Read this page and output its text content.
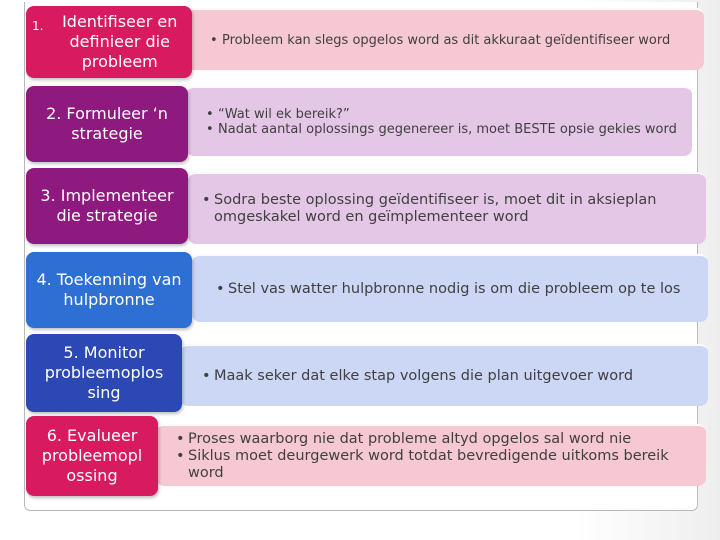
• Probleem kan slegs opgelos word as dit akkuraat geïdentifiseer word
• “Wat wil ek bereik?”
• Nadat aantal oplossings gegenereer is, moet BESTE opsie gekies word
• Sodra beste oplossing geïdentifiseer is, moet dit in aksieplan omgeskakel word en geïmplementeer word
• Stel vas watter hulpbronne nodig is om die probleem op te los
• Maak seker dat elke stap volgens die plan uitgevoer word
• Proses waarborg nie dat probleme altyd opgelos sal word nie
• Siklus moet deurgewerk word totdat bevredigende uitkoms bereik word
1.	Identifiseer en definieer die probleem
2. Formuleer ‘n strategie
3. Implementeer die strategie
4. Toekenning van hulpbronne
5. Monitor probleemoplos sing
6. Evalueer probleemopl ossing
